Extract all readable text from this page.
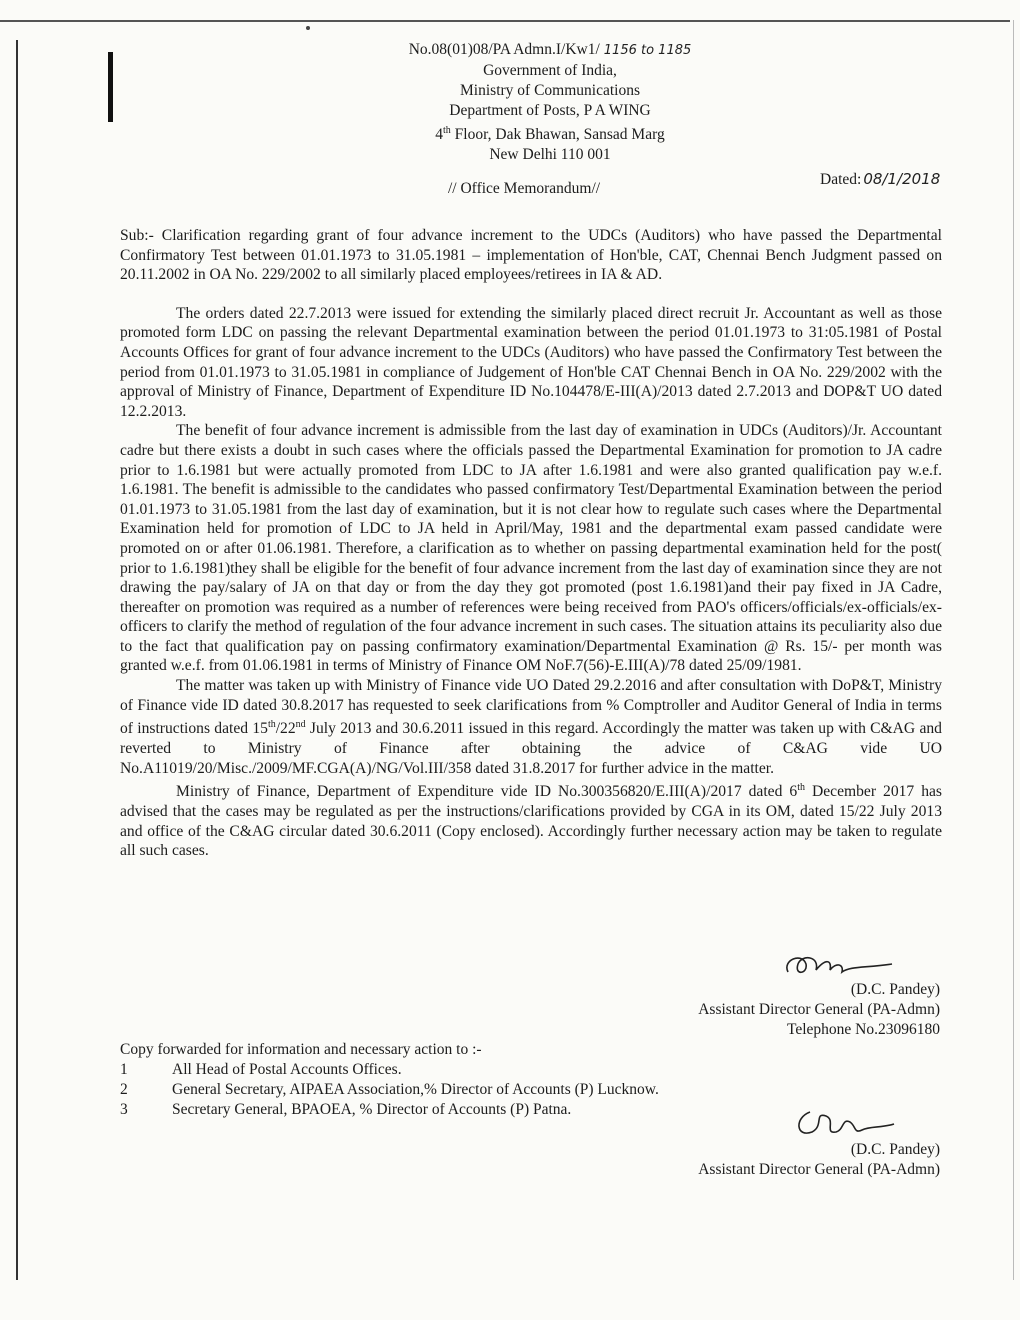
No.08(01)08/PA Admn.I/Kw1/ 1156 to 1185
Government of India,
Ministry of Communications
Department of Posts, P A WING
4th Floor, Dak Bhawan, Sansad Marg
New Delhi 110 001
Dated: 08/1/2018
// Office Memorandum//

Sub:- Clarification regarding grant of four advance increment to the UDCs (Auditors) who have passed the Departmental Confirmatory Test between 01.01.1973 to 31.05.1981 – implementation of Hon'ble, CAT, Chennai Bench Judgment passed on 20.11.2002 in OA No. 229/2002 to all similarly placed employees/retirees in IA & AD.

The orders dated 22.7.2013 were issued for extending the similarly placed direct recruit Jr. Accountant as well as those promoted form LDC on passing the relevant Departmental examination between the period 01.01.1973 to 31:05.1981 of Postal Accounts Offices for grant of four advance increment to the UDCs (Auditors) who have passed the Confirmatory Test between the period from 01.01.1973 to 31.05.1981 in compliance of Judgement of Hon'ble CAT Chennai Bench in OA No. 229/2002 with the approval of Ministry of Finance, Department of Expenditure ID No.104478/E-III(A)/2013 dated 2.7.2013 and DOP&T UO dated 12.2.2013.

The benefit of four advance increment is admissible from the last day of examination in UDCs (Auditors)/Jr. Accountant cadre but there exists a doubt in such cases where the officials passed the Departmental Examination for promotion to JA cadre prior to 1.6.1981 but were actually promoted from LDC to JA after 1.6.1981 and were also granted qualification pay w.e.f. 1.6.1981. The benefit is admissible to the candidates who passed confirmatory Test/Departmental Examination between the period 01.01.1973 to 31.05.1981 from the last day of examination, but it is not clear how to regulate such cases where the Departmental Examination held for promotion of LDC to JA held in April/May, 1981 and the departmental exam passed candidate were promoted on or after 01.06.1981. Therefore, a clarification as to whether on passing departmental examination held for the post( prior to 1.6.1981)they shall be eligible for the benefit of four advance increment from the last day of examination since they are not drawing the pay/salary of JA on that day or from the day they got promoted (post 1.6.1981)and their pay fixed in JA Cadre, thereafter on promotion was required as a number of references were being received from PAO's officers/officials/ex-officials/ex-officers to clarify the method of regulation of the four advance increment in such cases. The situation attains its peculiarity also due to the fact that qualification pay on passing confirmatory examination/Departmental Examination @ Rs. 15/- per month was granted w.e.f. from 01.06.1981 in terms of Ministry of Finance OM NoF.7(56)-E.III(A)/78 dated 25/09/1981.

The matter was taken up with Ministry of Finance vide UO Dated 29.2.2016 and after consultation with DoP&T, Ministry of Finance vide ID dated 30.8.2017 has requested to seek clarifications from % Comptroller and Auditor General of India in terms of instructions dated 15th/22nd July 2013 and 30.6.2011 issued in this regard. Accordingly the matter was taken up with C&AG and reverted to Ministry of Finance after obtaining the advice of C&AG vide UO No.A11019/20/Misc./2009/MF.CGA(A)/NG/Vol.III/358 dated 31.8.2017 for further advice in the matter.

Ministry of Finance, Department of Expenditure vide ID No.300356820/E.III(A)/2017 dated 6th December 2017 has advised that the cases may be regulated as per the instructions/clarifications provided by CGA in its OM, dated 15/22 July 2013 and office of the C&AG circular dated 30.6.2011 (Copy enclosed). Accordingly further necessary action may be taken to regulate all such cases.

(D.C. Pandey)
Assistant Director General (PA-Admn)
Telephone No.23096180
Copy forwarded for information and necessary action to :-
1	All Head of Postal Accounts Offices.
2	General Secretary, AIPAEA Association,% Director of Accounts (P) Lucknow.
3	Secretary General, BPAOEA, % Director of Accounts (P) Patna.
(D.C. Pandey)
Assistant Director General (PA-Admn)
